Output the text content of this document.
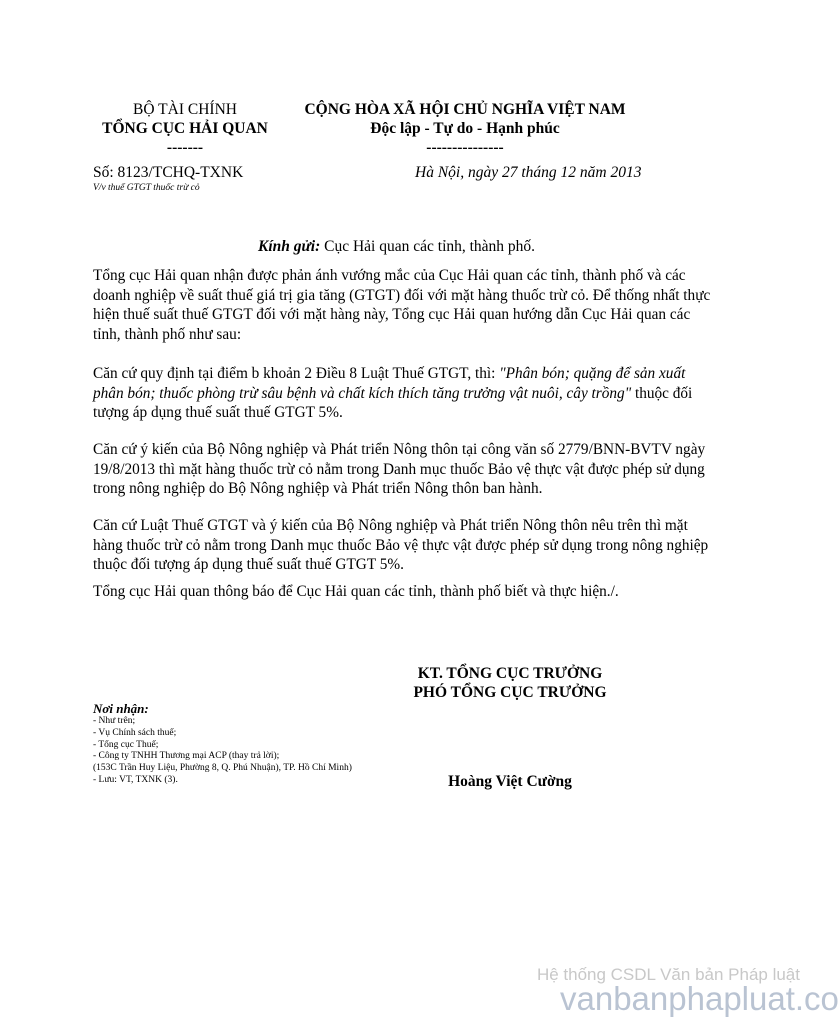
BỘ TÀI CHÍNH
TỔNG CỤC HẢI QUAN
-------
CỘNG HÒA XÃ HỘI CHỦ NGHĨA VIỆT NAM
Độc lập - Tự do - Hạnh phúc
---------------
Số: 8123/TCHQ-TXNK
V/v thuế GTGT thuốc trừ cỏ
Hà Nội, ngày 27 tháng 12 năm 2013
Kính gửi: Cục Hải quan các tỉnh, thành phố.

Tổng cục Hải quan nhận được phản ánh vướng mắc của Cục Hải quan các tỉnh, thành phố và các doanh nghiệp về suất thuế giá trị gia tăng (GTGT) đối với mặt hàng thuốc trừ cỏ. Để thống nhất thực hiện thuế suất thuế GTGT đối với mặt hàng này, Tổng cục Hải quan hướng dẫn Cục Hải quan các tỉnh, thành phố như sau:

Căn cứ quy định tại điểm b khoản 2 Điều 8 Luật Thuế GTGT, thì: "Phân bón; quặng để sản xuất phân bón; thuốc phòng trừ sâu bệnh và chất kích thích tăng trưởng vật nuôi, cây trồng" thuộc đối tượng áp dụng thuế suất thuế GTGT 5%.

Căn cứ ý kiến của Bộ Nông nghiệp và Phát triển Nông thôn tại công văn số 2779/BNN-BVTV ngày 19/8/2013 thì mặt hàng thuốc trừ cỏ nằm trong Danh mục thuốc Bảo vệ thực vật được phép sử dụng trong nông nghiệp do Bộ Nông nghiệp và Phát triển Nông thôn ban hành.

Căn cứ Luật Thuế GTGT và ý kiến của Bộ Nông nghiệp và Phát triển Nông thôn nêu trên thì mặt hàng thuốc trừ cỏ nằm trong Danh mục thuốc Bảo vệ thực vật được phép sử dụng trong nông nghiệp thuộc đối tượng áp dụng thuế suất thuế GTGT 5%.

Tổng cục Hải quan thông báo để Cục Hải quan các tỉnh, thành phố biết và thực hiện./.

KT. TỔNG CỤC TRƯỞNG
PHÓ TỔNG CỤC TRƯỞNG
Hoàng Việt Cường
Nơi nhận:
- Như trên;
- Vụ Chính sách thuế;
- Tổng cục Thuế;
- Công ty TNHH Thương mại ACP (thay trả lời);
(153C Trần Huy Liệu, Phường 8, Q. Phú Nhuận), TP. Hồ Chí Minh)
- Lưu: VT, TXNK (3).
Hệ thống CSDL Văn bản Pháp luật
vanbanphapluat.co
